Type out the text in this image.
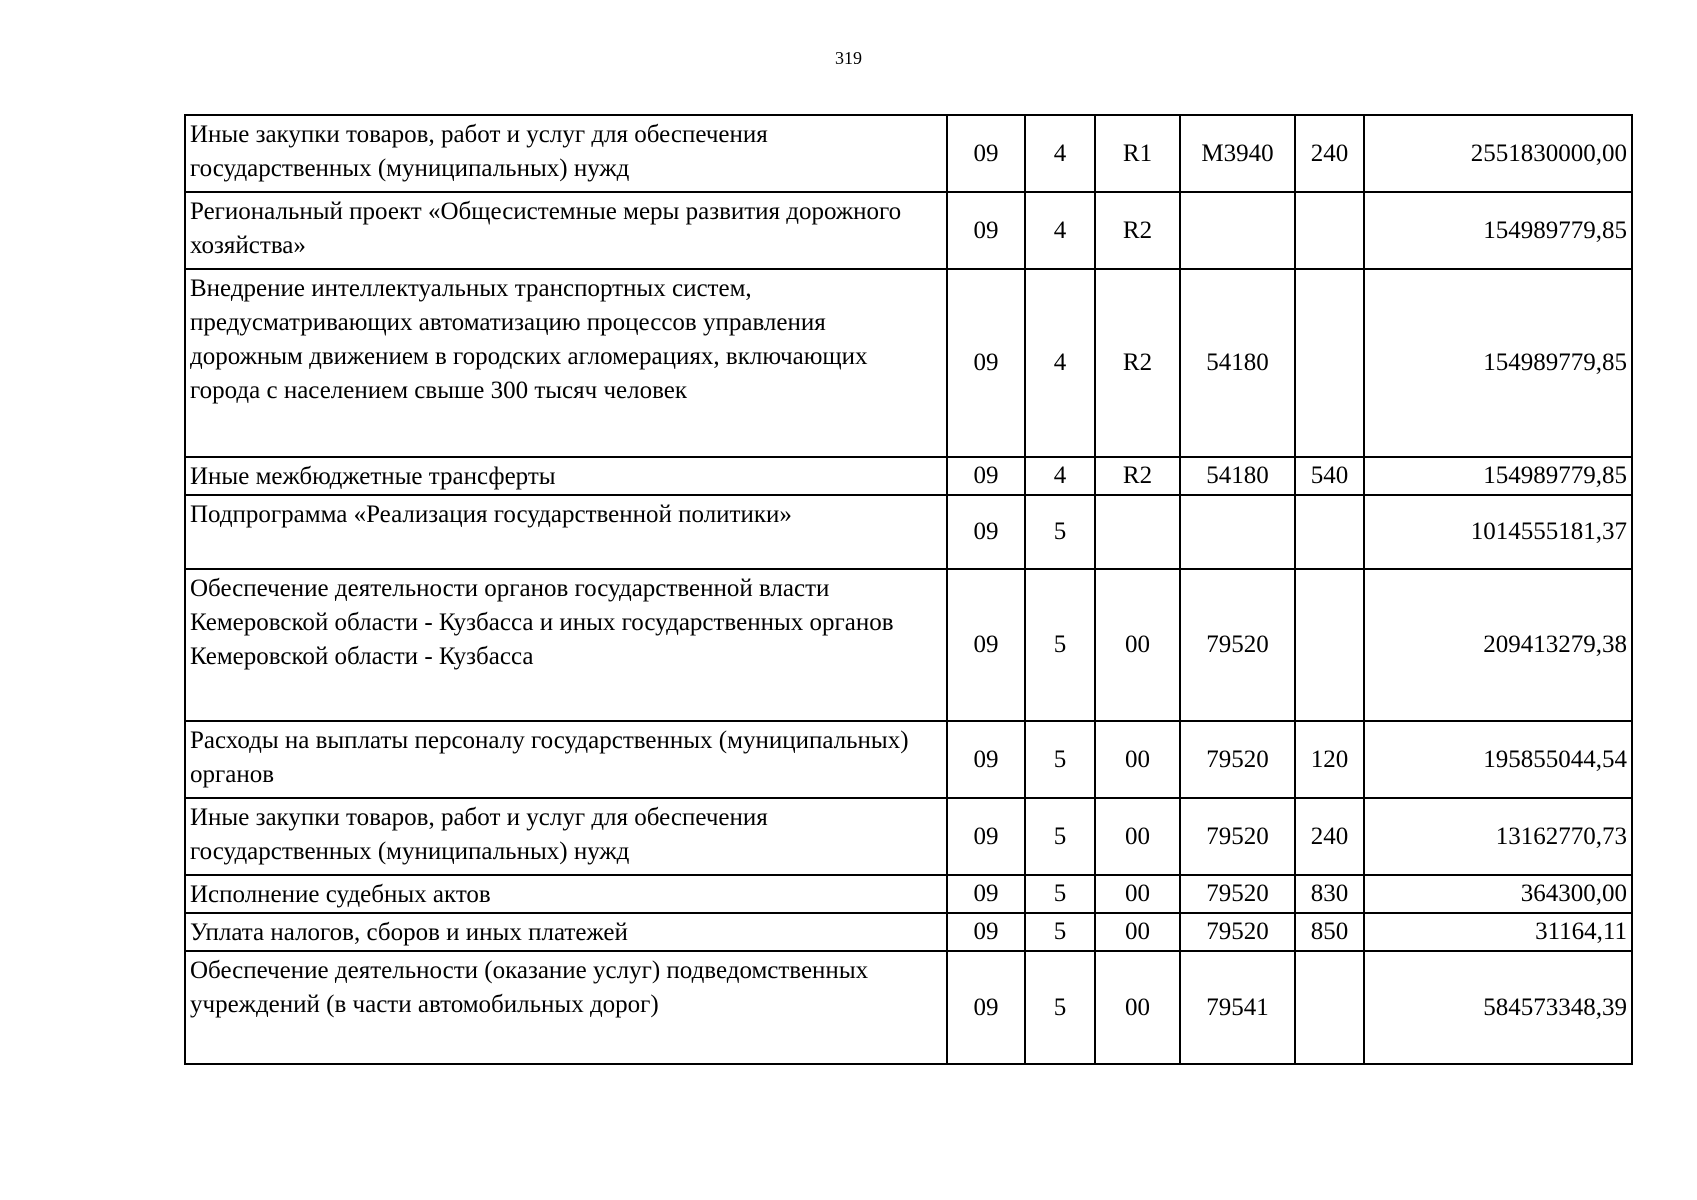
319
Иные закупки товаров, работ и услуг для обеспечения государственных (муниципальных) нужд	09	4	R1	M3940	240	2551830000,00
Региональный проект «Общесистемные меры развития дорожного хозяйства»	09	4	R2			154989779,85
Внедрение интеллектуальных транспортных систем, предусматривающих автоматизацию процессов управления дорожным движением в городских агломерациях, включающих города с населением свыше 300 тысяч человек	09	4	R2	54180		154989779,85
Иные межбюджетные трансферты	09	4	R2	54180	540	154989779,85
Подпрограмма «Реализация государственной политики»	09	5				1014555181,37
Обеспечение деятельности органов государственной власти Кемеровской области - Кузбасса и иных государственных органов Кемеровской области - Кузбасса	09	5	00	79520		209413279,38
Расходы на выплаты персоналу государственных (муниципальных) органов	09	5	00	79520	120	195855044,54
Иные закупки товаров, работ и услуг для обеспечения государственных (муниципальных) нужд	09	5	00	79520	240	13162770,73
Исполнение судебных актов	09	5	00	79520	830	364300,00
Уплата налогов, сборов и иных платежей	09	5	00	79520	850	31164,11
Обеспечение деятельности (оказание услуг) подведомственных учреждений (в части автомобильных дорог)	09	5	00	79541		584573348,39
